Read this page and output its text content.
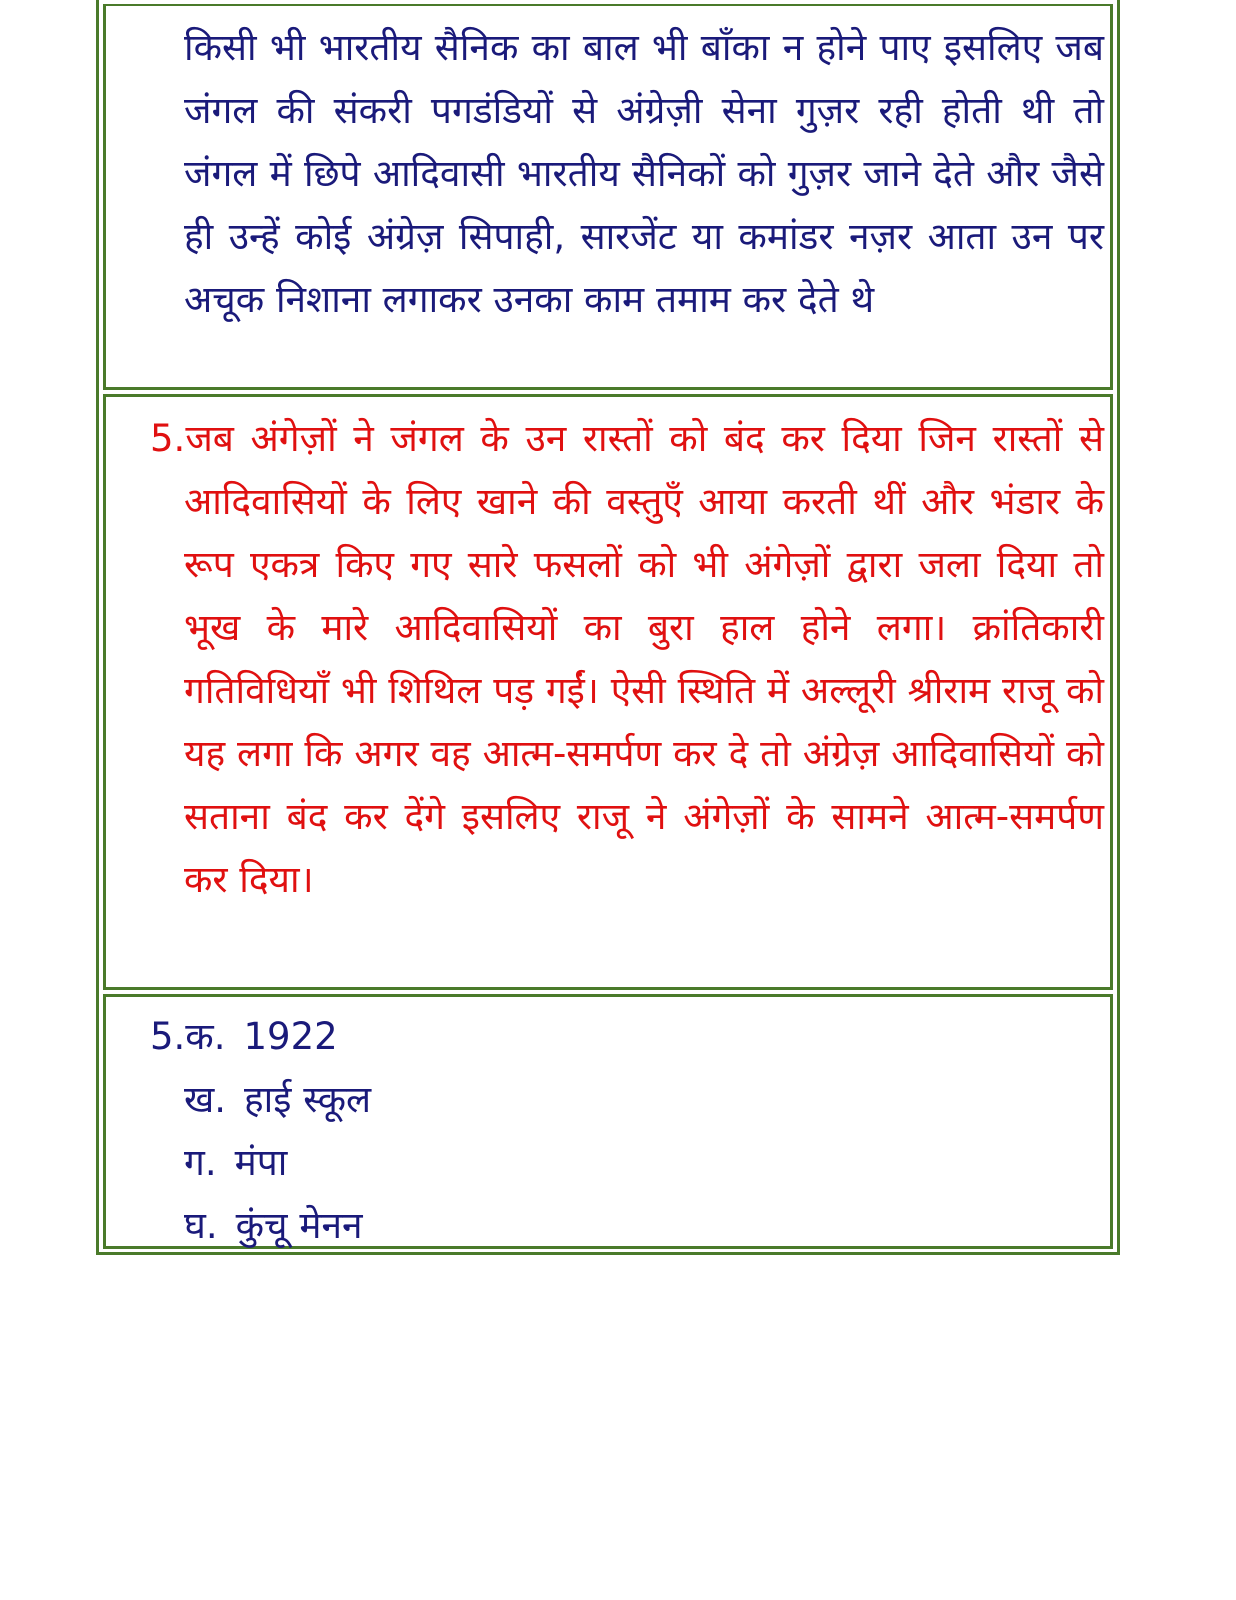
किसी भी भारतीय सैनिक का बाल भी बाँका न होने पाए इसलिए जब जंगल की संकरी पगडंडियों से अंग्रेज़ी सेना गुज़र रही होती थी तो जंगल में छिपे आदिवासी भारतीय सैनिकों को गुज़र जाने देते और जैसे ही उन्हें कोई अंग्रेज़ सिपाही, सारजेंट या कमांडर नज़र आता उन पर अचूक निशाना लगाकर उनका काम तमाम कर देते थे

5.जब अंगेज़ों ने जंगल के उन रास्तों को बंद कर दिया जिन रास्तों से आदिवासियों के लिए खाने की वस्तुएँ आया करती थीं और भंडार के रूप एकत्र किए गए सारे फसलों को भी अंगेज़ों द्वारा जला दिया तो भूख के मारे आदिवासियों का बुरा हाल होने लगा। क्रांतिकारी गतिविधियाँ भी शिथिल पड़ गईं। ऐसी स्थिति में अल्लूरी श्रीराम राजू को यह लगा कि अगर वह आत्म-समर्पण कर दे तो अंग्रेज़ आदिवासियों को सताना बंद कर देंगे इसलिए राजू ने अंगेज़ों के सामने आत्म-समर्पण कर दिया।

5.क. 1922
ख. हाई स्कूल
ग. मंपा
घ. कुंचू मेनन
